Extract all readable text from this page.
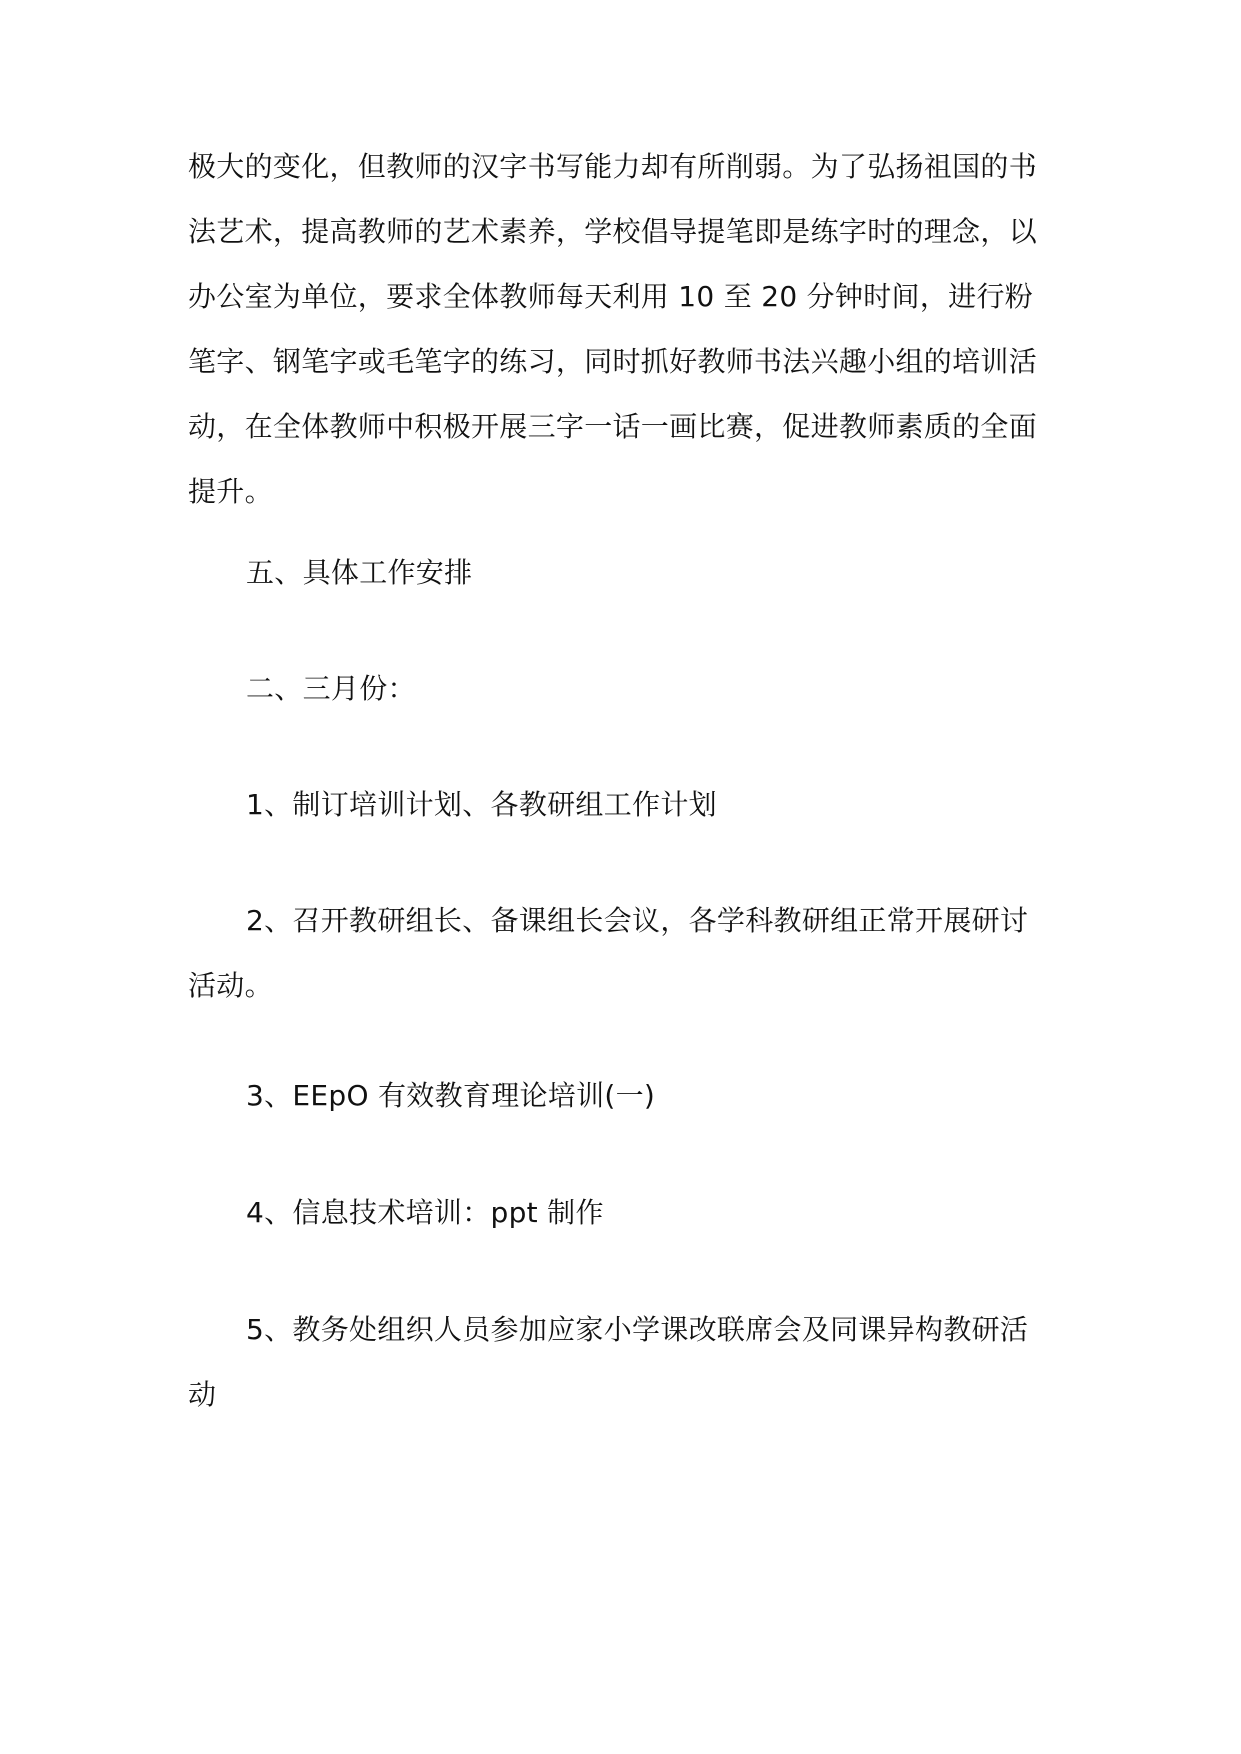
极大的变化，但教师的汉字书写能力却有所削弱。为了弘扬祖国的书
法艺术，提高教师的艺术素养，学校倡导提笔即是练字时的理念，以
办公室为单位，要求全体教师每天利用 10 至 20 分钟时间，进行粉
笔字、钢笔字或毛笔字的练习，同时抓好教师书法兴趣小组的培训活
动，在全体教师中积极开展三字一话一画比赛，促进教师素质的全面
提升。

五、具体工作安排

二、三月份：

1、制订培训计划、各教研组工作计划

2、召开教研组长、备课组长会议，各学科教研组正常开展研讨
活动。

3、EEpO 有效教育理论培训(一)

4、信息技术培训：ppt 制作

5、教务处组织人员参加应家小学课改联席会及同课异构教研活
动
